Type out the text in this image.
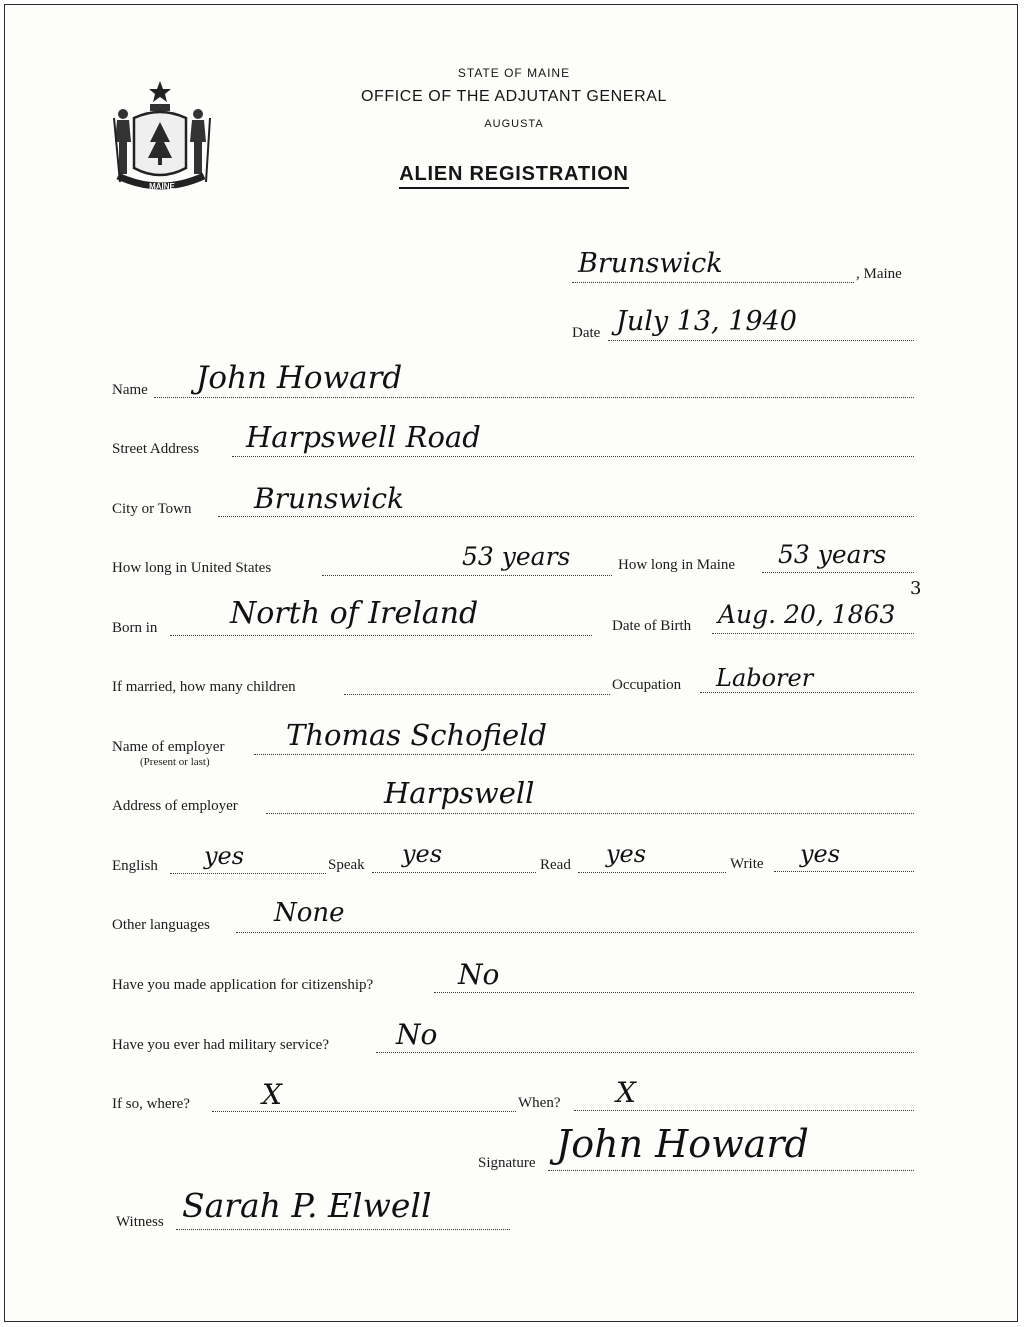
MAINE
STATE OF MAINE
OFFICE OF THE ADJUTANT GENERAL
AUGUSTA
ALIEN REGISTRATION
Brunswick	, Maine
Date July 13, 1940
Name John Howard
Street Address Harpswell Road
City or Town Brunswick
How long in United States	53 years	How long in Maine 53 years
Born in North of Ireland	Date of Birth Aug. 20, 1863
3
If married, how many children	Occupation Laborer
Name of employer
(Present or last)
Thomas Schofield
Address of employer	Harpswell
English yes	Speak yes	Read yes	Write yes
Other languages None
Have you made application for citizenship?	No
Have you ever had military service? No
If so, where?	X	When? X
Signature John Howard
Witness Sarah P. Elwell
